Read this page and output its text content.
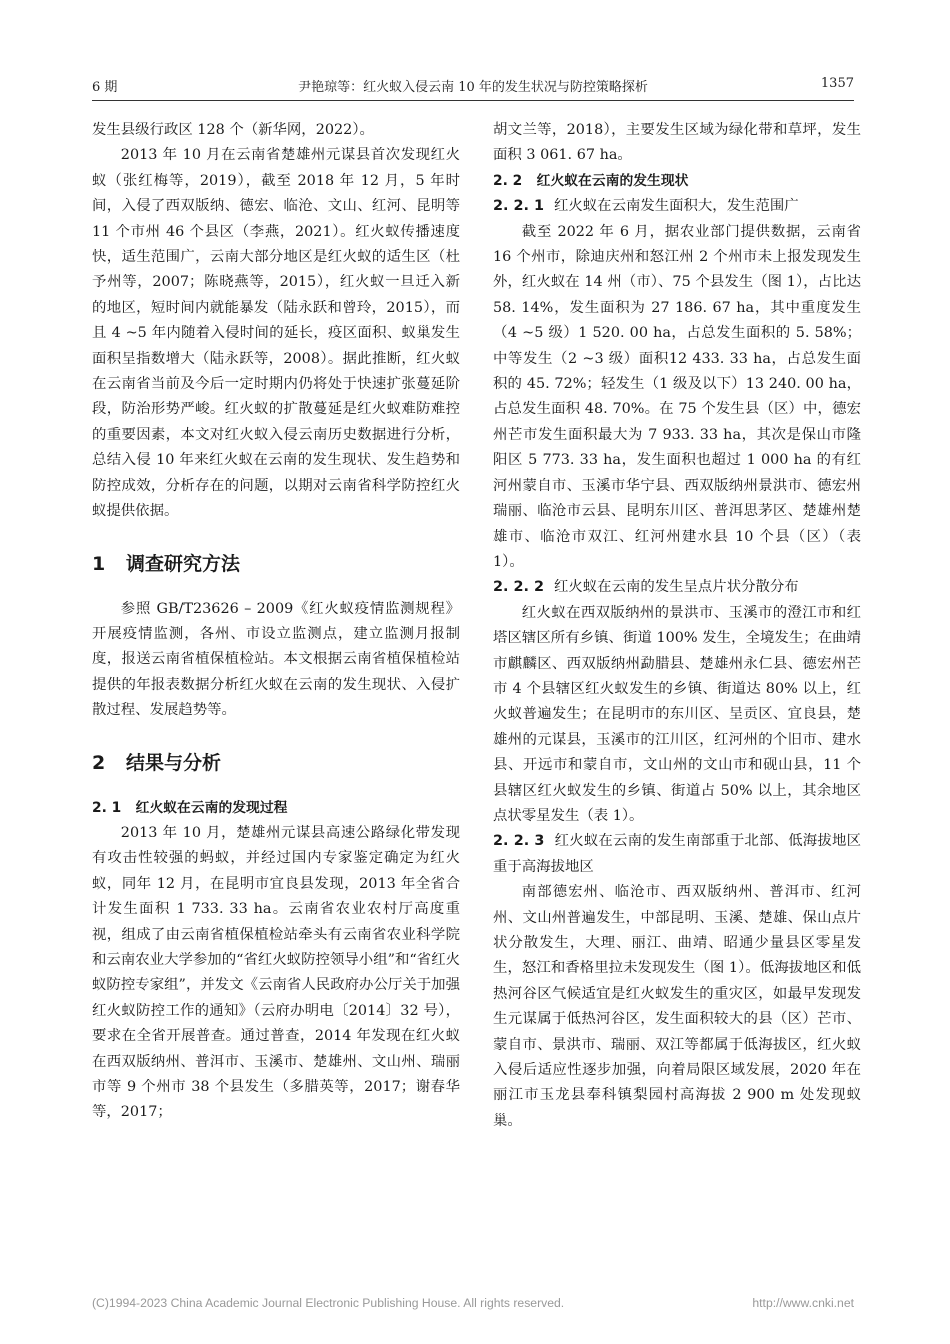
6 期	尹艳琼等：红火蚁入侵云南 10 年的发生状况与防控策略探析	1357

发生县级行政区 128 个（新华网，2022）。

2013 年 10 月在云南省楚雄州元谋县首次发现红火蚁（张红梅等，2019），截至 2018 年 12 月，5 年时间，入侵了西双版纳、德宏、临沧、文山、红河、昆明等 11 个市州 46 个县区（李燕，2021）。红火蚁传播速度快，适生范围广，云南大部分地区是红火蚁的适生区（杜予州等，2007；陈晓燕等，2015），红火蚁一旦迁入新的地区，短时间内就能暴发（陆永跃和曾玲，2015），而且 4 ~5 年内随着入侵时间的延长，疫区面积、蚁巢发生面积呈指数增大（陆永跃等，2008）。据此推断，红火蚁在云南省当前及今后一定时期内仍将处于快速扩张蔓延阶段，防治形势严峻。红火蚁的扩散蔓延是红火蚁难防难控的重要因素，本文对红火蚁入侵云南历史数据进行分析，总结入侵 10 年来红火蚁在云南的发生现状、发生趋势和防控成效，分析存在的问题，以期对云南省科学防控红火蚁提供依据。

1 调查研究方法

参照 GB/T23626 – 2009《红火蚁疫情监测规程》开展疫情监测，各州、市设立监测点，建立监测月报制度，报送云南省植保植检站。本文根据云南省植保植检站提供的年报表数据分析红火蚁在云南的发生现状、入侵扩散过程、发展趋势等。

2 结果与分析
2. 1 红火蚁在云南的发现过程

2013 年 10 月，楚雄州元谋县高速公路绿化带发现有攻击性较强的蚂蚁，并经过国内专家鉴定确定为红火蚁，同年 12 月，在昆明市宜良县发现，2013 年全省合计发生面积 1 733. 33 ha。云南省农业农村厅高度重视，组成了由云南省植保植检站牵头有云南省农业科学院和云南农业大学参加的“省红火蚁防控领导小组”和“省红火蚁防控专家组”，并发文《云南省人民政府办公厅关于加强红火蚁防控工作的通知》（云府办明电〔2014〕32 号），要求在全省开展普查。通过普查，2014 年发现在红火蚁在西双版纳州、普洱市、玉溪市、楚雄州、文山州、瑞丽市等 9 个州市 38 个县发生（多腊英等，2017；谢春华等，2017；

胡文兰等，2018），主要发生区域为绿化带和草坪，发生面积 3 061. 67 ha。

2. 2 红火蚁在云南的发生现状
2. 2. 1 红火蚁在云南发生面积大，发生范围广

截至 2022 年 6 月，据农业部门提供数据，云南省 16 个州市，除迪庆州和怒江州 2 个州市未上报发现发生外，红火蚁在 14 州（市）、75 个县发生（图 1），占比达 58. 14%，发生面积为 27 186. 67 ha，其中重度发生（4 ~5 级）1 520. 00 ha，占总发生面积的 5. 58%；中等发生（2 ~3 级）面积12 433. 33 ha，占总发生面积的 45. 72%；轻发生（1 级及以下）13 240. 00 ha，占总发生面积 48. 70%。在 75 个发生县（区）中，德宏州芒市发生面积最大为 7 933. 33 ha，其次是保山市隆阳区 5 773. 33 ha，发生面积也超过 1 000 ha 的有红河州蒙自市、玉溪市华宁县、西双版纳州景洪市、德宏州瑞丽、临沧市云县、昆明东川区、普洱思茅区、楚雄州楚雄市、临沧市双江、红河州建水县 10 个县（区）（表 1）。

2. 2. 2 红火蚁在云南的发生呈点片状分散分布

红火蚁在西双版纳州的景洪市、玉溪市的澄江市和红塔区辖区所有乡镇、街道 100% 发生，全境发生；在曲靖市麒麟区、西双版纳州勐腊县、楚雄州永仁县、德宏州芒市 4 个县辖区红火蚁发生的乡镇、街道达 80% 以上，红火蚁普遍发生；在昆明市的东川区、呈贡区、宜良县，楚雄州的元谋县，玉溪市的江川区，红河州的个旧市、建水县、开远市和蒙自市，文山州的文山市和砚山县，11 个县辖区红火蚁发生的乡镇、街道占 50% 以上，其余地区点状零星发生（表 1）。

2. 2. 3 红火蚁在云南的发生南部重于北部、低海拔地区重于高海拔地区

南部德宏州、临沧市、西双版纳州、普洱市、红河州、文山州普遍发生，中部昆明、玉溪、楚雄、保山点片状分散发生，大理、丽江、曲靖、昭通少量县区零星发生，怒江和香格里拉未发现发生（图 1）。低海拔地区和低热河谷区气候适宜是红火蚁发生的重灾区，如最早发现发生元谋属于低热河谷区，发生面积较大的县（区）芒市、蒙自市、景洪市、瑞丽、双江等都属于低海拔区，红火蚁入侵后适应性逐步加强，向着局限区域发展，2020 年在丽江市玉龙县奉科镇梨园村高海拔 2 900 m 处发现蚁巢。

(C)1994-2023 China Academic Journal Electronic Publishing House. All rights reserved.	http://www.cnki.net
